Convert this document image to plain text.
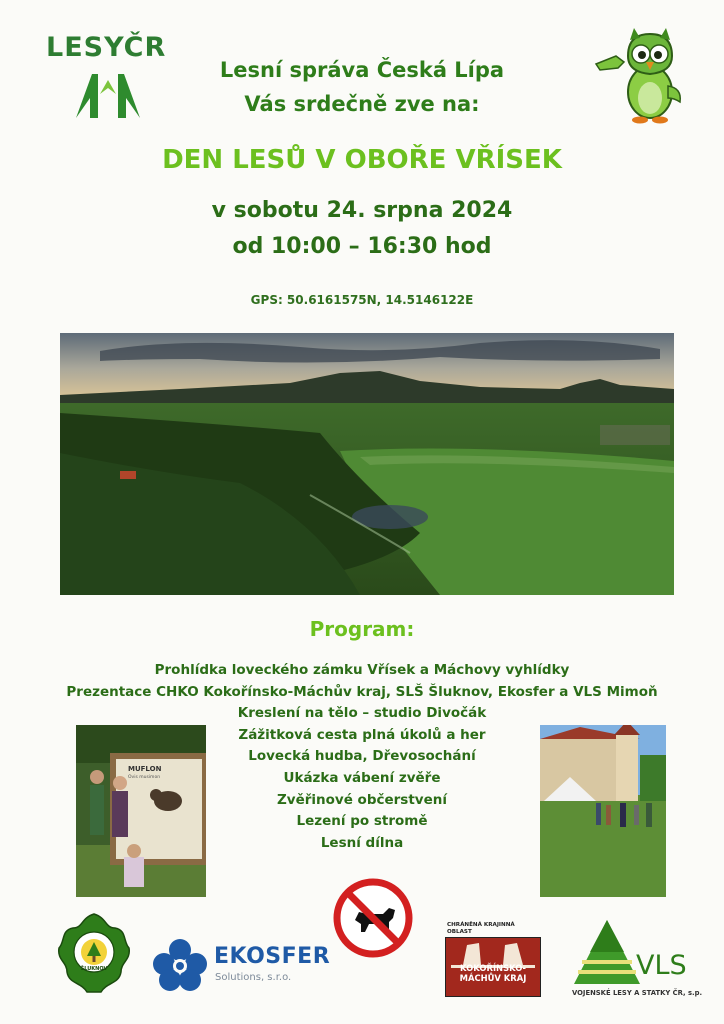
LESYČR
Lesní správa Česká Lípa
Vás srdečně zve na:
DEN LESŮ V OBOŘE VŘÍSEK
v sobotu 24. srpna 2024
od 10:00 – 16:30 hod
GPS: 50.6161575N, 14.5146122E
Program:
Prohlídka loveckého zámku Vřísek a Máchovy vyhlídky
Prezentace CHKO Kokořínsko-Máchův kraj, SLŠ Šluknov, Ekosfer a VLS Mimoň
Kreslení na tělo – studio Divočák
Zážitková cesta plná úkolů a her
Lovecká hudba, Dřevosochání
Ukázka vábení zvěře
Zvěřinové občerstvení
Lezení po stromě
Lesní dílna
MUFLON
Ovis musimon
ŠLUKNOV	EKOSFER
Solutions, s.r.o.
CHRÁNĚNÁ KRAJINNÁ OBLAST
KOKOŘÍNSKO-
MÁCHŮV KRAJ	VLS
VOJENSKÉ LESY A STATKY ČR, s.p.
